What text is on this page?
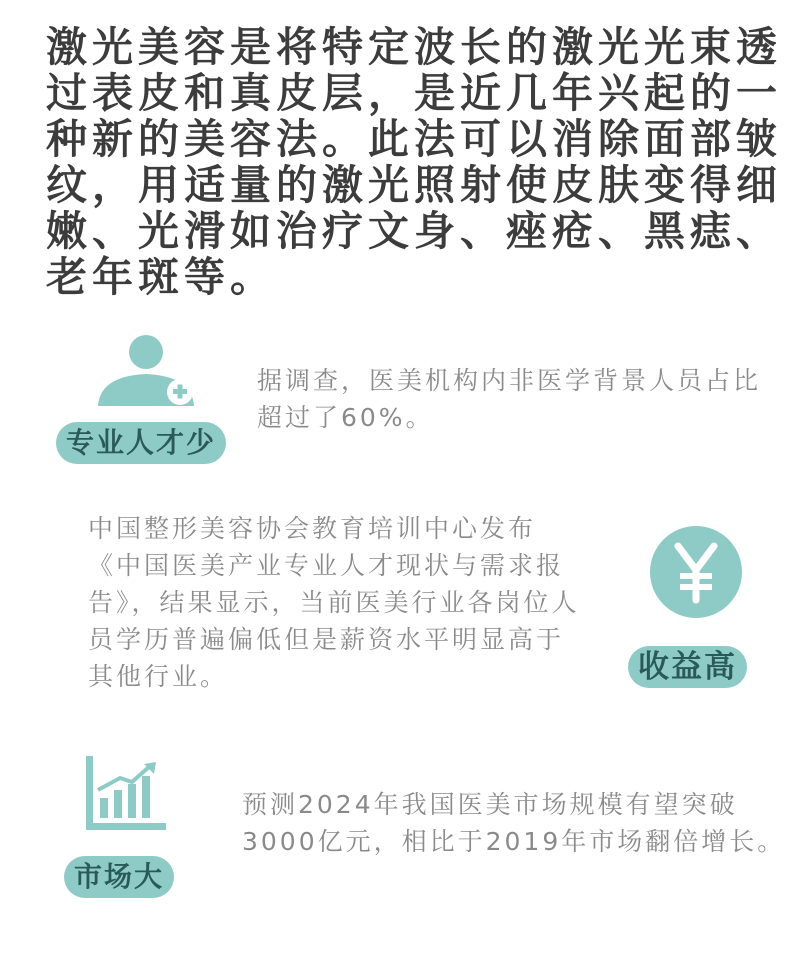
激光美容是将特定波长的激光光束透过表皮和真皮层，是近几年兴起的一种新的美容法。此法可以消除面部皱纹，用适量的激光照射使皮肤变得细嫩、光滑如治疗文身、痤疮、黑痣、老年斑等。

专业人才少

据调查，医美机构内非医学背景人员占比超过了60%。

中国整形美容协会教育培训中心发布《中国医美产业专业人才现状与需求报告》，结果显示，当前医美行业各岗位人员学历普遍偏低但是薪资水平明显高于其他行业。	收益高
市场大

预测2024年我国医美市场规模有望突破3000亿元，相比于2019年市场翻倍增长。
